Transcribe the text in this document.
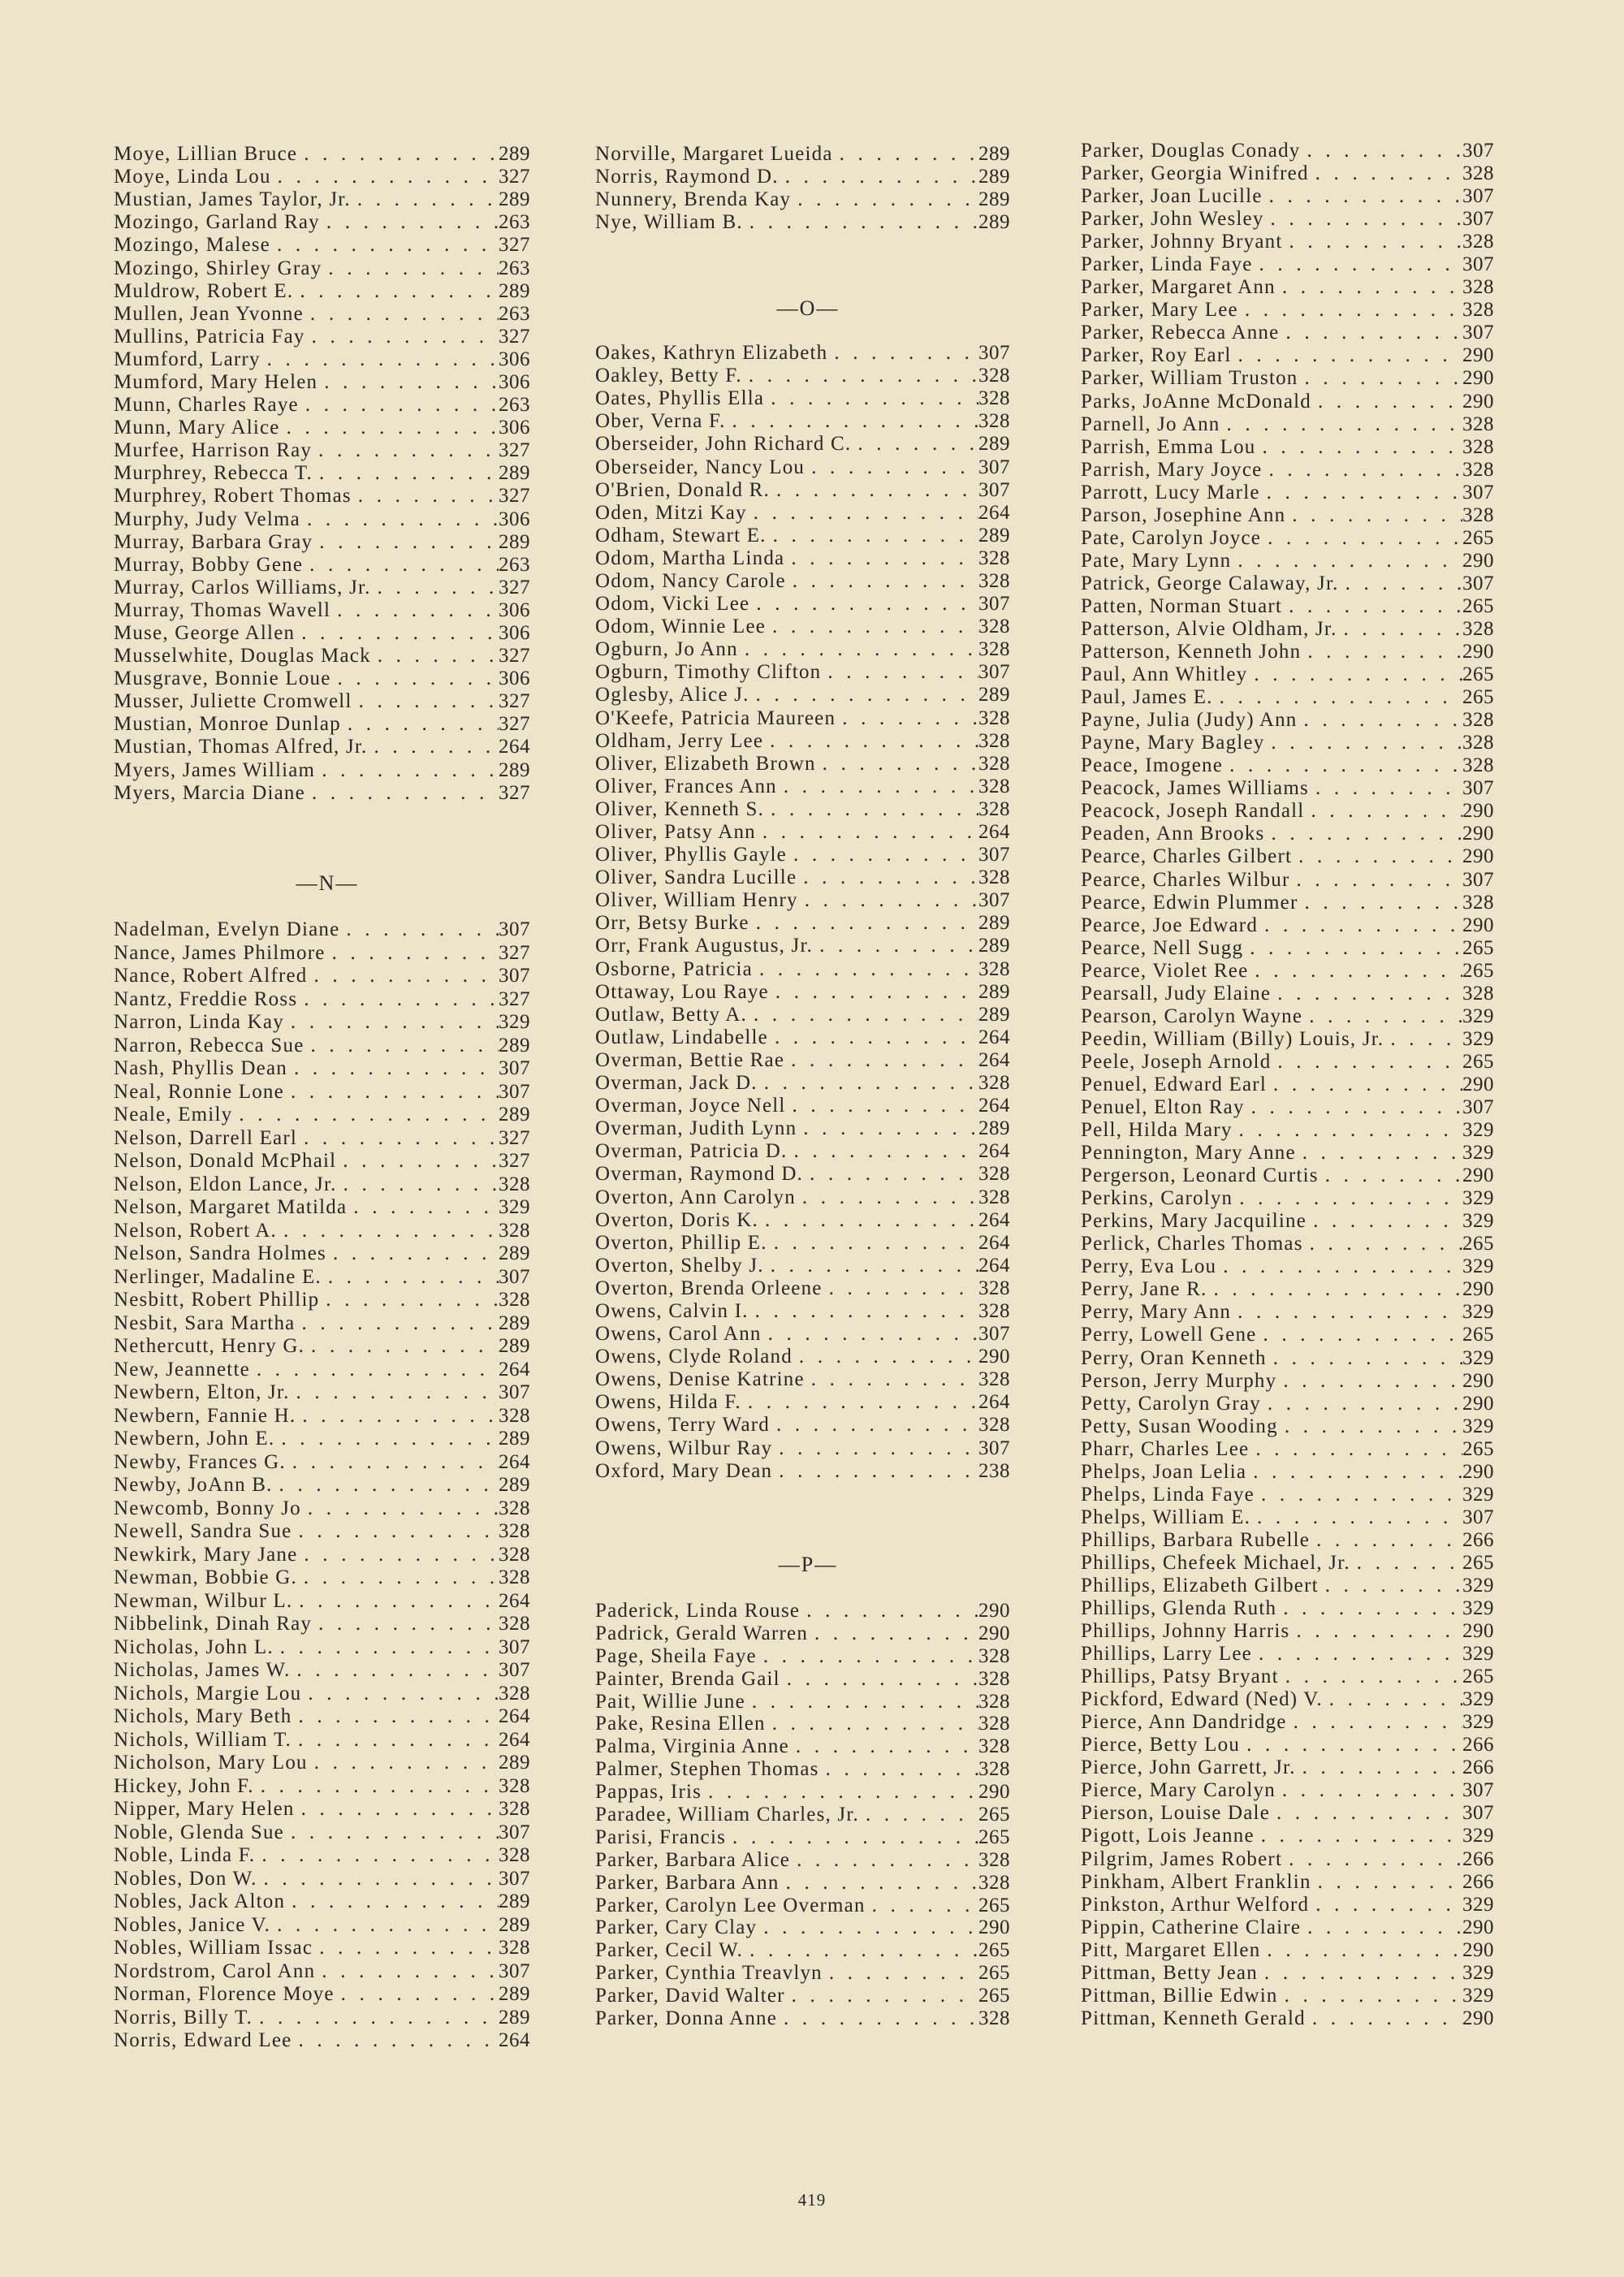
Moye, Lillian Bruce . . .	289
Moye, Linda Lou . . .	327
Mustian, James Taylor, Jr. . . .	289
Mozingo, Garland Ray . . .	263
Mozingo, Malese . . .	327
Mozingo, Shirley Gray . . .	263
Muldrow, Robert E. . . .	289
Mullen, Jean Yvonne . . .	263
Mullins, Patricia Fay . . .	327
Mumford, Larry . . .	306
Mumford, Mary Helen . . .	306
Munn, Charles Raye . . .	263
Munn, Mary Alice . . .	306
Murfee, Harrison Ray . . .	327
Murphrey, Rebecca T. . . .	289
Murphrey, Robert Thomas . . .	327
Murphy, Judy Velma . . .	306
Murray, Barbara Gray . . .	289
Murray, Bobby Gene . . .	263
Murray, Carlos Williams, Jr. . . .	327
Murray, Thomas Wavell . . .	306
Muse, George Allen . . .	306
Musselwhite, Douglas Mack . . .	327
Musgrave, Bonnie Loue . . .	306
Musser, Juliette Cromwell . . .	327
Mustian, Monroe Dunlap . . .	327
Mustian, Thomas Alfred, Jr. . . .	264
Myers, James William . . .	289
Myers, Marcia Diane . . .	327
—N—
Nadelman, Evelyn Diane . . .	307
Nance, James Philmore . . .	327
Nance, Robert Alfred . . .	307
Nantz, Freddie Ross . . .	327
Narron, Linda Kay . . .	329
Narron, Rebecca Sue . . .	289
Nash, Phyllis Dean . . .	307
Neal, Ronnie Lone . . .	307
Neale, Emily . . .	289
Nelson, Darrell Earl . . .	327
Nelson, Donald McPhail . . .	327
Nelson, Eldon Lance, Jr. . . .	328
Nelson, Margaret Matilda . . .	329
Nelson, Robert A. . . .	328
Nelson, Sandra Holmes . . .	289
Nerlinger, Madaline E. . . .	307
Nesbitt, Robert Phillip . . .	328
Nesbit, Sara Martha . . .	289
Nethercutt, Henry G. . . .	289
New, Jeannette . . .	264
Newbern, Elton, Jr. . . .	307
Newbern, Fannie H. . . .	328
Newbern, John E. . . .	289
Newby, Frances G. . . .	264
Newby, JoAnn B. . . .	289
Newcomb, Bonny Jo . . .	328
Newell, Sandra Sue . . .	328
Newkirk, Mary Jane . . .	328
Newman, Bobbie G. . . .	328
Newman, Wilbur L. . . .	264
Nibbelink, Dinah Ray . . .	328
Nicholas, John L. . . .	307
Nicholas, James W. . . .	307
Nichols, Margie Lou . . .	328
Nichols, Mary Beth . . .	264
Nichols, William T. . . .	264
Nicholson, Mary Lou . . .	289
Hickey, John F. . . .	328
Nipper, Mary Helen . . .	328
Noble, Glenda Sue . . .	307
Noble, Linda F. . . .	328
Nobles, Don W. . . .	307
Nobles, Jack Alton . . .	289
Nobles, Janice V. . . .	289
Nobles, William Issac . . .	328
Nordstrom, Carol Ann . . .	307
Norman, Florence Moye . . .	289
Norris, Billy T. . . .	289
Norris, Edward Lee . . .	264
Norville, Margaret Lueida . . .	289
Norris, Raymond D. . . .	289
Nunnery, Brenda Kay . . .	289
Nye, William B. . . .	289
—O—
Oakes, Kathryn Elizabeth . . .	307
Oakley, Betty F. . . .	328
Oates, Phyllis Ella . . .	328
Ober, Verna F. . . .	328
Oberseider, John Richard C. . . .	289
Oberseider, Nancy Lou . . .	307
O'Brien, Donald R. . . .	307
Oden, Mitzi Kay . . .	264
Odham, Stewart E. . . .	289
Odom, Martha Linda . . .	328
Odom, Nancy Carole . . .	328
Odom, Vicki Lee . . .	307
Odom, Winnie Lee . . .	328
Ogburn, Jo Ann . . .	328
Ogburn, Timothy Clifton . . .	307
Oglesby, Alice J. . . .	289
O'Keefe, Patricia Maureen . . .	328
Oldham, Jerry Lee . . .	328
Oliver, Elizabeth Brown . . .	328
Oliver, Frances Ann . . .	328
Oliver, Kenneth S. . . .	328
Oliver, Patsy Ann . . .	264
Oliver, Phyllis Gayle . . .	307
Oliver, Sandra Lucille . . .	328
Oliver, William Henry . . .	307
Orr, Betsy Burke . . .	289
Orr, Frank Augustus, Jr. . . .	289
Osborne, Patricia . . .	328
Ottaway, Lou Raye . . .	289
Outlaw, Betty A. . . .	289
Outlaw, Lindabelle . . .	264
Overman, Bettie Rae . . .	264
Overman, Jack D. . . .	328
Overman, Joyce Nell . . .	264
Overman, Judith Lynn . . .	289
Overman, Patricia D. . . .	264
Overman, Raymond D. . . .	328
Overton, Ann Carolyn . . .	328
Overton, Doris K. . . .	264
Overton, Phillip E. . . .	264
Overton, Shelby J. . . .	264
Overton, Brenda Orleene . . .	328
Owens, Calvin I. . . .	328
Owens, Carol Ann . . .	307
Owens, Clyde Roland . . .	290
Owens, Denise Katrine . . .	328
Owens, Hilda F. . . .	264
Owens, Terry Ward . . .	328
Owens, Wilbur Ray . . .	307
Oxford, Mary Dean . . .	238
—P—
Paderick, Linda Rouse . . .	290
Padrick, Gerald Warren . . .	290
Page, Sheila Faye . . .	328
Painter, Brenda Gail . . .	328
Pait, Willie June . . .	328
Pake, Resina Ellen . . .	328
Palma, Virginia Anne . . .	328
Palmer, Stephen Thomas . . .	328
Pappas, Iris . . .	290
Paradee, William Charles, Jr. . . .	265
Parisi, Francis . . .	265
Parker, Barbara Alice . . .	328
Parker, Barbara Ann . . .	328
Parker, Carolyn Lee Overman . . .	265
Parker, Cary Clay . . .	290
Parker, Cecil W. . . .	265
Parker, Cynthia Treavlyn . . .	265
Parker, David Walter . . .	265
Parker, Donna Anne . . .	328
Parker, Douglas Conady . . .	307
Parker, Georgia Winifred . . .	328
Parker, Joan Lucille . . .	307
Parker, John Wesley . . .	307
Parker, Johnny Bryant . . .	328
Parker, Linda Faye . . .	307
Parker, Margaret Ann . . .	328
Parker, Mary Lee . . .	328
Parker, Rebecca Anne . . .	307
Parker, Roy Earl . . .	290
Parker, William Truston . . .	290
Parks, JoAnne McDonald . . .	290
Parnell, Jo Ann . . .	328
Parrish, Emma Lou . . .	328
Parrish, Mary Joyce . . .	328
Parrott, Lucy Marle . . .	307
Parson, Josephine Ann . . .	328
Pate, Carolyn Joyce . . .	265
Pate, Mary Lynn . . .	290
Patrick, George Calaway, Jr. . . .	307
Patten, Norman Stuart . . .	265
Patterson, Alvie Oldham, Jr. . . .	328
Patterson, Kenneth John . . .	290
Paul, Ann Whitley . . .	265
Paul, James E. . . .	265
Payne, Julia (Judy) Ann . . .	328
Payne, Mary Bagley . . .	328
Peace, Imogene . . .	328
Peacock, James Williams . . .	307
Peacock, Joseph Randall . . .	290
Peaden, Ann Brooks . . .	290
Pearce, Charles Gilbert . . .	290
Pearce, Charles Wilbur . . .	307
Pearce, Edwin Plummer . . .	328
Pearce, Joe Edward . . .	290
Pearce, Nell Sugg . . .	265
Pearce, Violet Ree . . .	265
Pearsall, Judy Elaine . . .	328
Pearson, Carolyn Wayne . . .	329
Peedin, William (Billy) Louis, Jr. . . .	329
Peele, Joseph Arnold . . .	265
Penuel, Edward Earl . . .	290
Penuel, Elton Ray . . .	307
Pell, Hilda Mary . . .	329
Pennington, Mary Anne . . .	329
Pergerson, Leonard Curtis . . .	290
Perkins, Carolyn . . .	329
Perkins, Mary Jacquiline . . .	329
Perlick, Charles Thomas . . .	265
Perry, Eva Lou . . .	329
Perry, Jane R. . . .	290
Perry, Mary Ann . . .	329
Perry, Lowell Gene . . .	265
Perry, Oran Kenneth . . .	329
Person, Jerry Murphy . . .	290
Petty, Carolyn Gray . . .	290
Petty, Susan Wooding . . .	329
Pharr, Charles Lee . . .	265
Phelps, Joan Lelia . . .	290
Phelps, Linda Faye . . .	329
Phelps, William E. . . .	307
Phillips, Barbara Rubelle . . .	266
Phillips, Chefeek Michael, Jr. . . .	265
Phillips, Elizabeth Gilbert . . .	329
Phillips, Glenda Ruth . . .	329
Phillips, Johnny Harris . . .	290
Phillips, Larry Lee . . .	329
Phillips, Patsy Bryant . . .	265
Pickford, Edward (Ned) V. . . .	329
Pierce, Ann Dandridge . . .	329
Pierce, Betty Lou . . .	266
Pierce, John Garrett, Jr. . . .	266
Pierce, Mary Carolyn . . .	307
Pierson, Louise Dale . . .	307
Pigott, Lois Jeanne . . .	329
Pilgrim, James Robert . . .	266
Pinkham, Albert Franklin . . .	266
Pinkston, Arthur Welford . . .	329
Pippin, Catherine Claire . . .	290
Pitt, Margaret Ellen . . .	290
Pittman, Betty Jean . . .	329
Pittman, Billie Edwin . . .	329
Pittman, Kenneth Gerald . . .	290
419
